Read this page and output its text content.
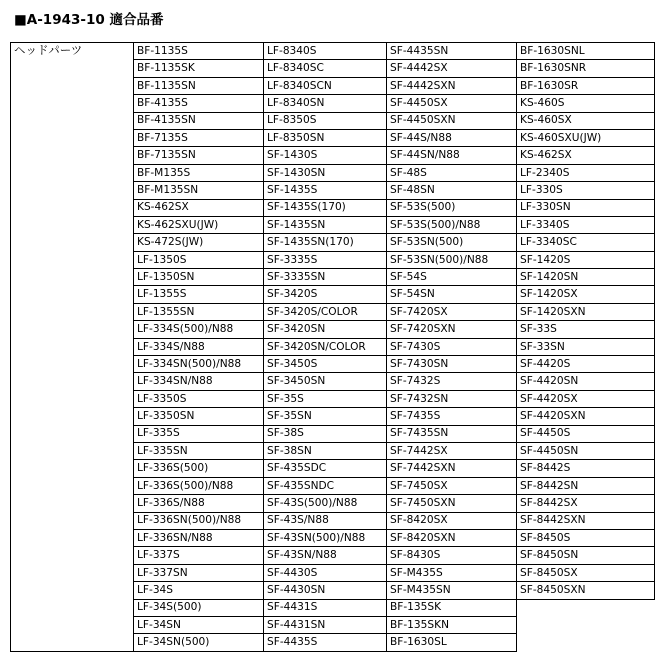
■A-1943-10 適合品番
ヘッドパーツ	BF-1135S	LF-8340S	SF-4435SN	BF-1630SNL
	BF-1135SK	LF-8340SC	SF-4442SX	BF-1630SNR
	BF-1135SN	LF-8340SCN	SF-4442SXN	BF-1630SR
	BF-4135S	LF-8340SN	SF-4450SX	KS-460S
	BF-4135SN	LF-8350S	SF-4450SXN	KS-460SX
	BF-7135S	LF-8350SN	SF-44S/N88	KS-460SXU(JW)
	BF-7135SN	SF-1430S	SF-44SN/N88	KS-462SX
	BF-M135S	SF-1430SN	SF-48S	LF-2340S
	BF-M135SN	SF-1435S	SF-48SN	LF-330S
	KS-462SX	SF-1435S(170)	SF-53S(500)	LF-330SN
	KS-462SXU(JW)	SF-1435SN	SF-53S(500)/N88	LF-3340S
	KS-472S(JW)	SF-1435SN(170)	SF-53SN(500)	LF-3340SC
	LF-1350S	SF-3335S	SF-53SN(500)/N88	SF-1420S
	LF-1350SN	SF-3335SN	SF-54S	SF-1420SN
	LF-1355S	SF-3420S	SF-54SN	SF-1420SX
	LF-1355SN	SF-3420S/COLOR	SF-7420SX	SF-1420SXN
	LF-334S(500)/N88	SF-3420SN	SF-7420SXN	SF-33S
	LF-334S/N88	SF-3420SN/COLOR	SF-7430S	SF-33SN
	LF-334SN(500)/N88	SF-3450S	SF-7430SN	SF-4420S
	LF-334SN/N88	SF-3450SN	SF-7432S	SF-4420SN
	LF-3350S	SF-35S	SF-7432SN	SF-4420SX
	LF-3350SN	SF-35SN	SF-7435S	SF-4420SXN
	LF-335S	SF-38S	SF-7435SN	SF-4450S
	LF-335SN	SF-38SN	SF-7442SX	SF-4450SN
	LF-336S(500)	SF-435SDC	SF-7442SXN	SF-8442S
	LF-336S(500)/N88	SF-435SNDC	SF-7450SX	SF-8442SN
	LF-336S/N88	SF-43S(500)/N88	SF-7450SXN	SF-8442SX
	LF-336SN(500)/N88	SF-43S/N88	SF-8420SX	SF-8442SXN
	LF-336SN/N88	SF-43SN(500)/N88	SF-8420SXN	SF-8450S
	LF-337S	SF-43SN/N88	SF-8430S	SF-8450SN
	LF-337SN	SF-4430S	SF-M435S	SF-8450SX
	LF-34S	SF-4430SN	SF-M435SN	SF-8450SXN
	LF-34S(500)	SF-4431S	BF-135SK	
	LF-34SN	SF-4431SN	BF-135SKN	
	LF-34SN(500)	SF-4435S	BF-1630SL	
